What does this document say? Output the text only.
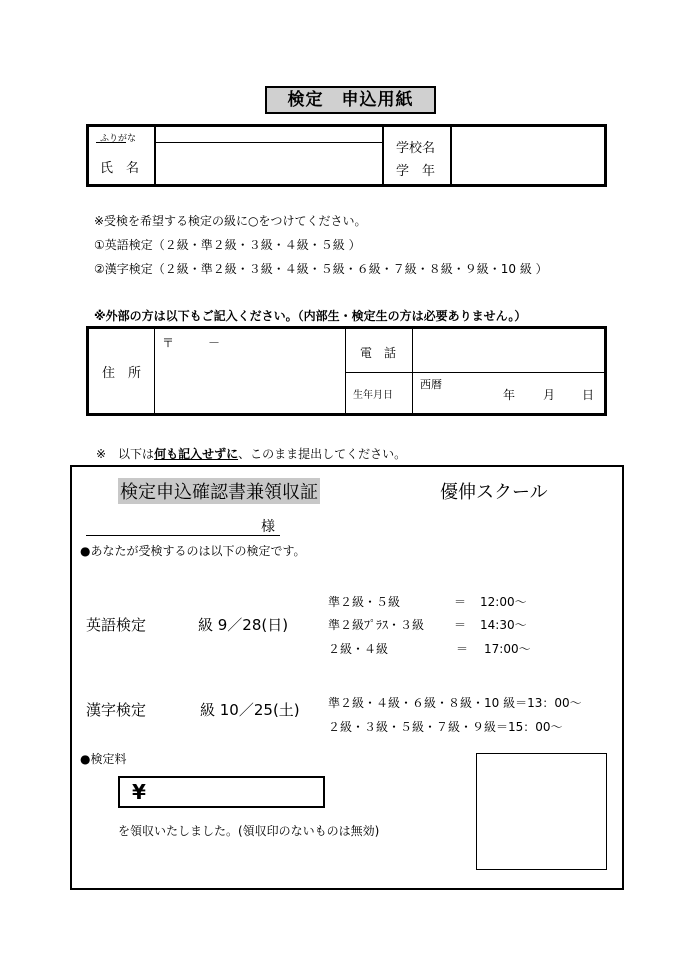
検定　申込用紙
ふりがな
氏　名
学校名
学　年
※受検を希望する検定の級に○をつけてください。
①英語検定（２級・準２級・３級・４級・５級 ）
②漢字検定（２級・準２級・３級・４級・５級・６級・７級・８級・９級・10 級 ）
※外部の方は以下もご記入ください。（内部生・検定生の方は必要ありません。）
住　所
〒	－
電　話
生年月日
西暦
年 月 日
※　以下は何も記入せずに、このまま提出してください。
検定申込確認書兼領収証	優伸スクール
様
●あなたが受検するのは以下の検定です。
英語検定	級 9／28(日)
準２級・５級	＝ 12:00～
準２級ﾌﾟﾗｽ・３級 ＝ 14:30～
２級・４級	＝ 17:00～
漢字検定	級 10／25(土) 準２級・４級・６級・８級・10 級＝13：00～
２級・３級・５級・７級・９級＝15：00～
●検定料
¥
を領収いたしました。(領収印のないものは無効)
